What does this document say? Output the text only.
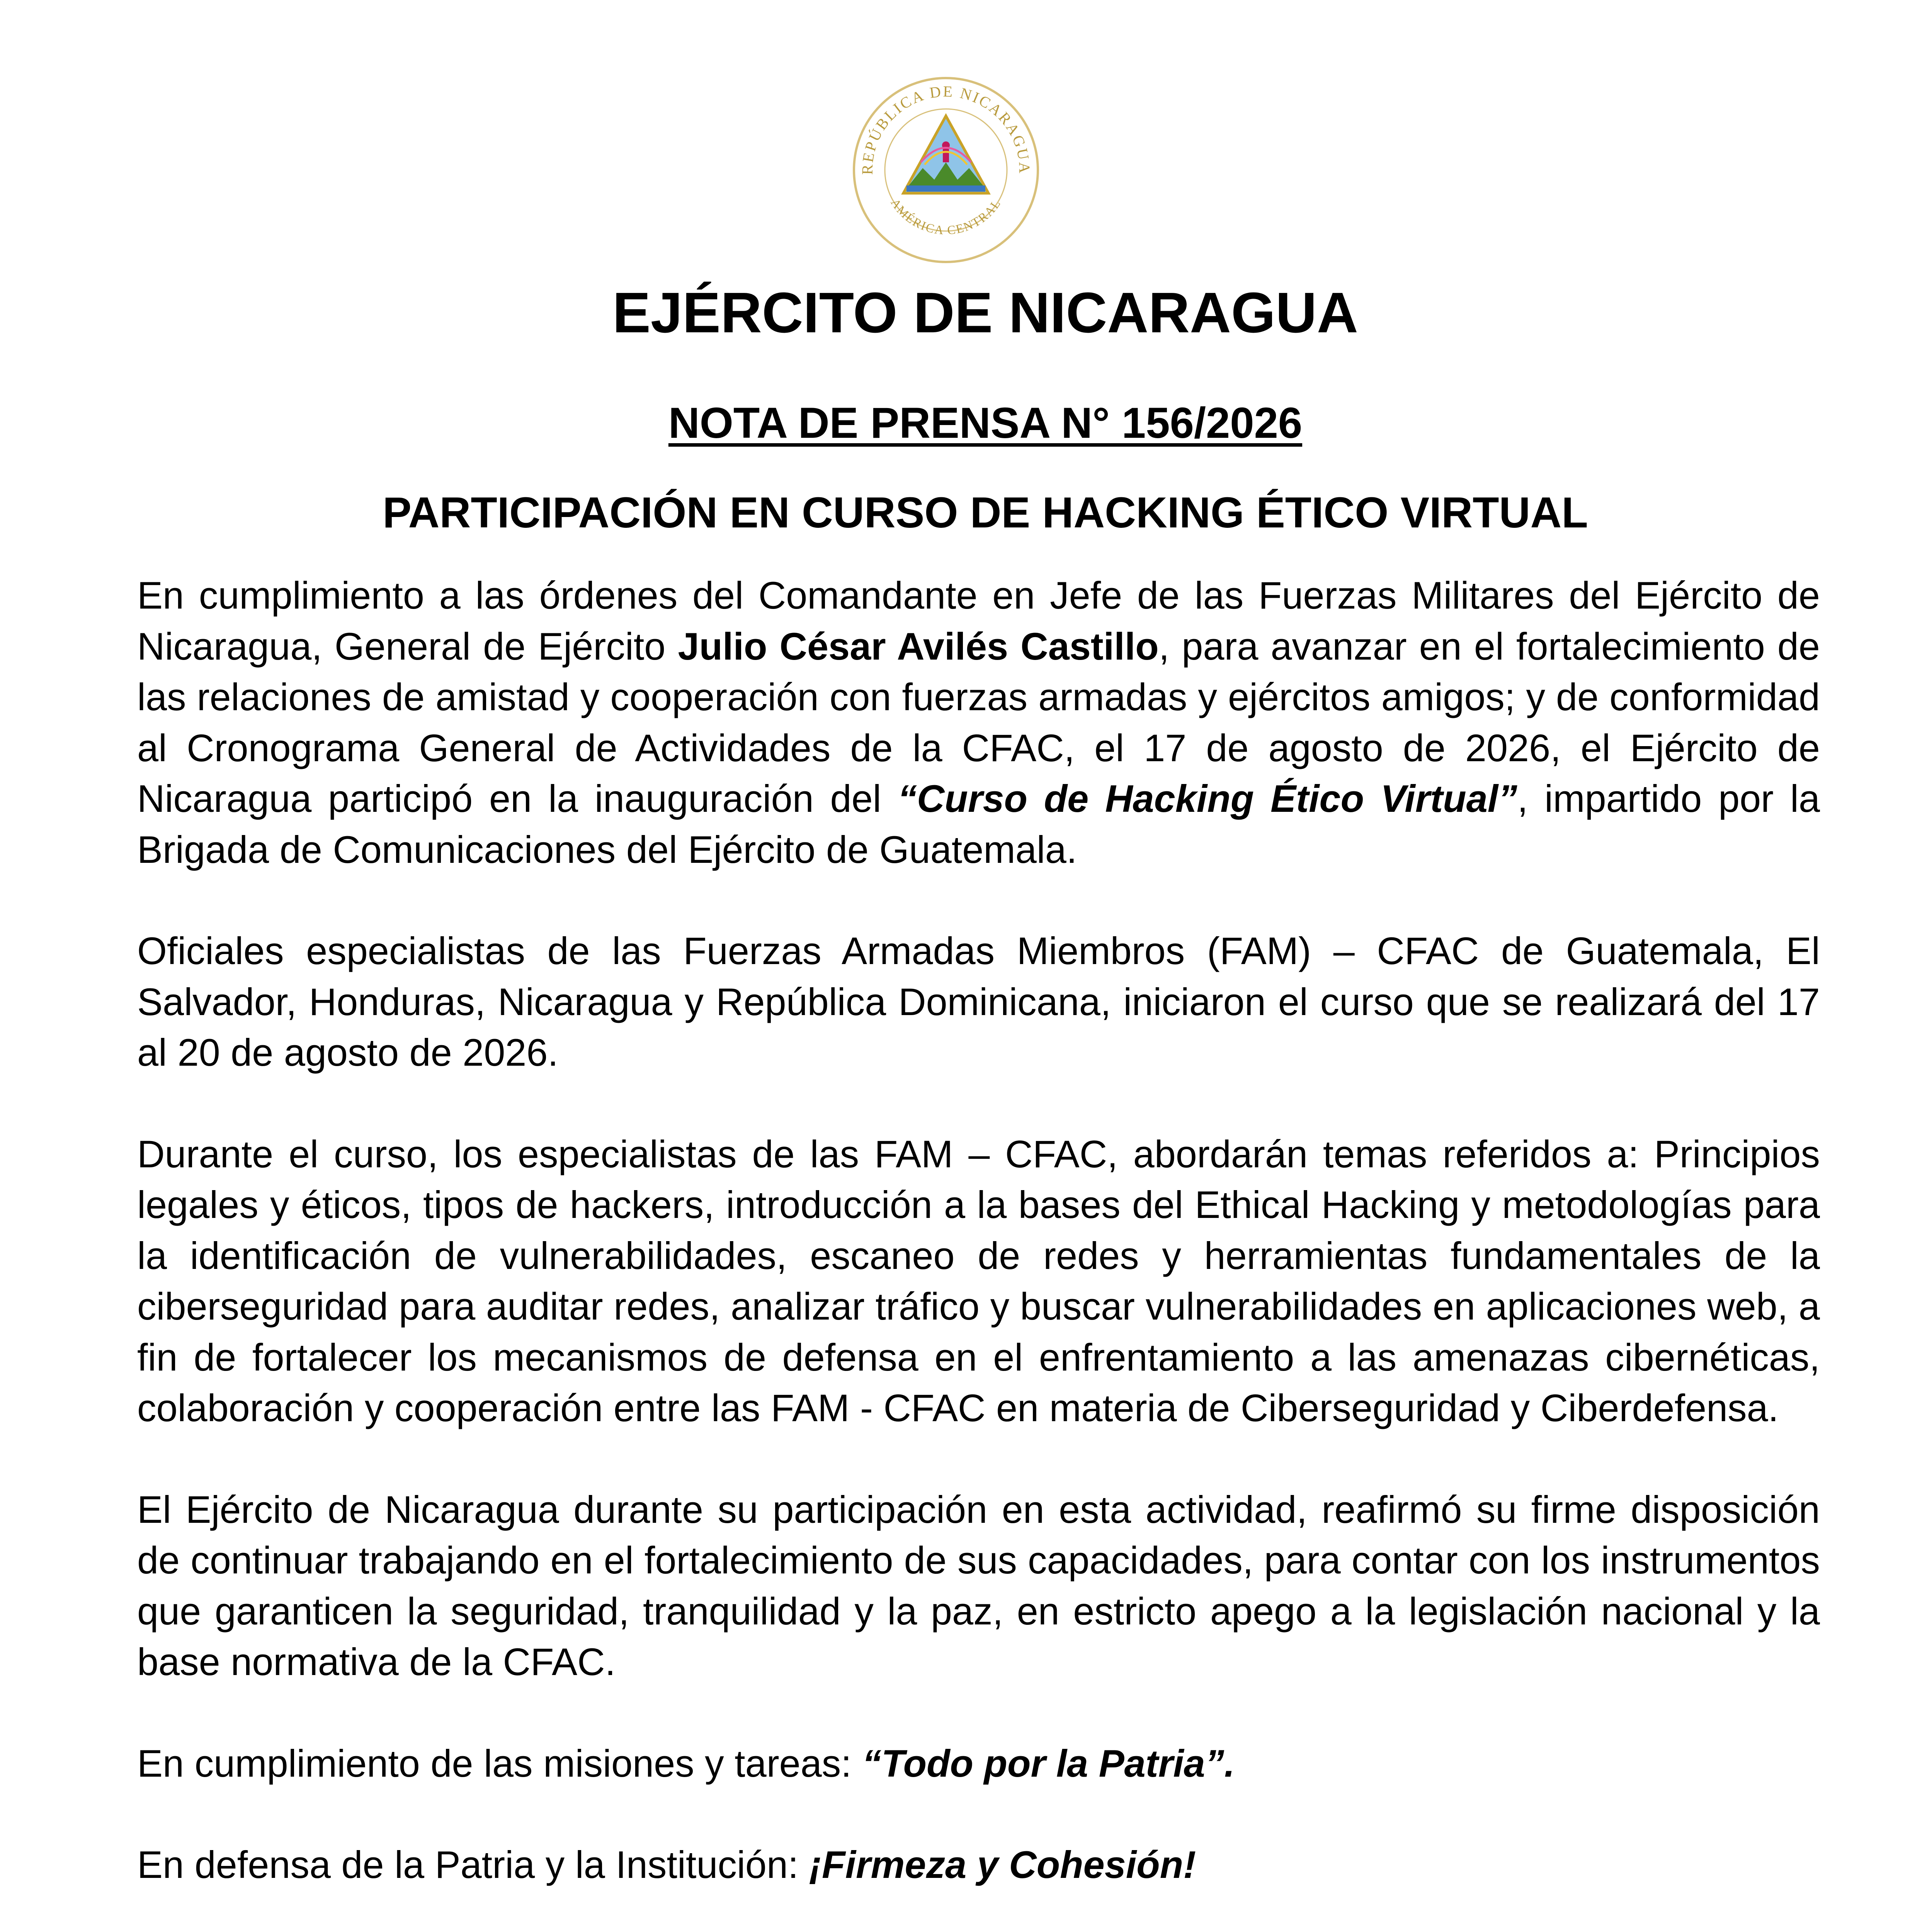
REPÚBLICA DE NICARAGUA
AMÉRICA CENTRAL
EJÉRCITO DE NICARAGUA
NOTA DE PRENSA N° 156/2026
PARTICIPACIÓN EN CURSO DE HACKING ÉTICO VIRTUAL

En cumplimiento a las órdenes del Comandante en Jefe de las Fuerzas Militares del Ejército de Nicaragua, General de Ejército Julio César Avilés Castillo, para avanzar en el fortalecimiento de las relaciones de amistad y cooperación con fuerzas armadas y ejércitos amigos; y de conformidad al Cronograma General de Actividades de la CFAC, el 17 de agosto de 2026, el Ejército de Nicaragua participó en la inauguración del “Curso de Hacking Ético Virtual”, impartido por la Brigada de Comunicaciones del Ejército de Guatemala.

Oficiales especialistas de las Fuerzas Armadas Miembros (FAM) – CFAC de Guatemala, El Salvador, Honduras, Nicaragua y República Dominicana, iniciaron el curso que se realizará del 17 al 20 de agosto de 2026.

Durante el curso, los especialistas de las FAM – CFAC, abordarán temas referidos a: Principios legales y éticos, tipos de hackers, introducción a la bases del Ethical Hacking y metodologías para la identificación de vulnerabilidades, escaneo de redes y herramientas fundamentales de la ciberseguridad para auditar redes, analizar tráfico y buscar vulnerabilidades en aplicaciones web, a fin de fortalecer los mecanismos de defensa en el enfrentamiento a las amenazas cibernéticas, colaboración y cooperación entre las FAM - CFAC en materia de Ciberseguridad y Ciberdefensa.

El Ejército de Nicaragua durante su participación en esta actividad, reafirmó su firme disposición de continuar trabajando en el fortalecimiento de sus capacidades, para contar con los instrumentos que garanticen la seguridad, tranquilidad y la paz, en estricto apego a la legislación nacional y la base normativa de la CFAC.

En cumplimiento de las misiones y tareas: “Todo por la Patria”.

En defensa de la Patria y la Institución: ¡Firmeza y Cohesión!
